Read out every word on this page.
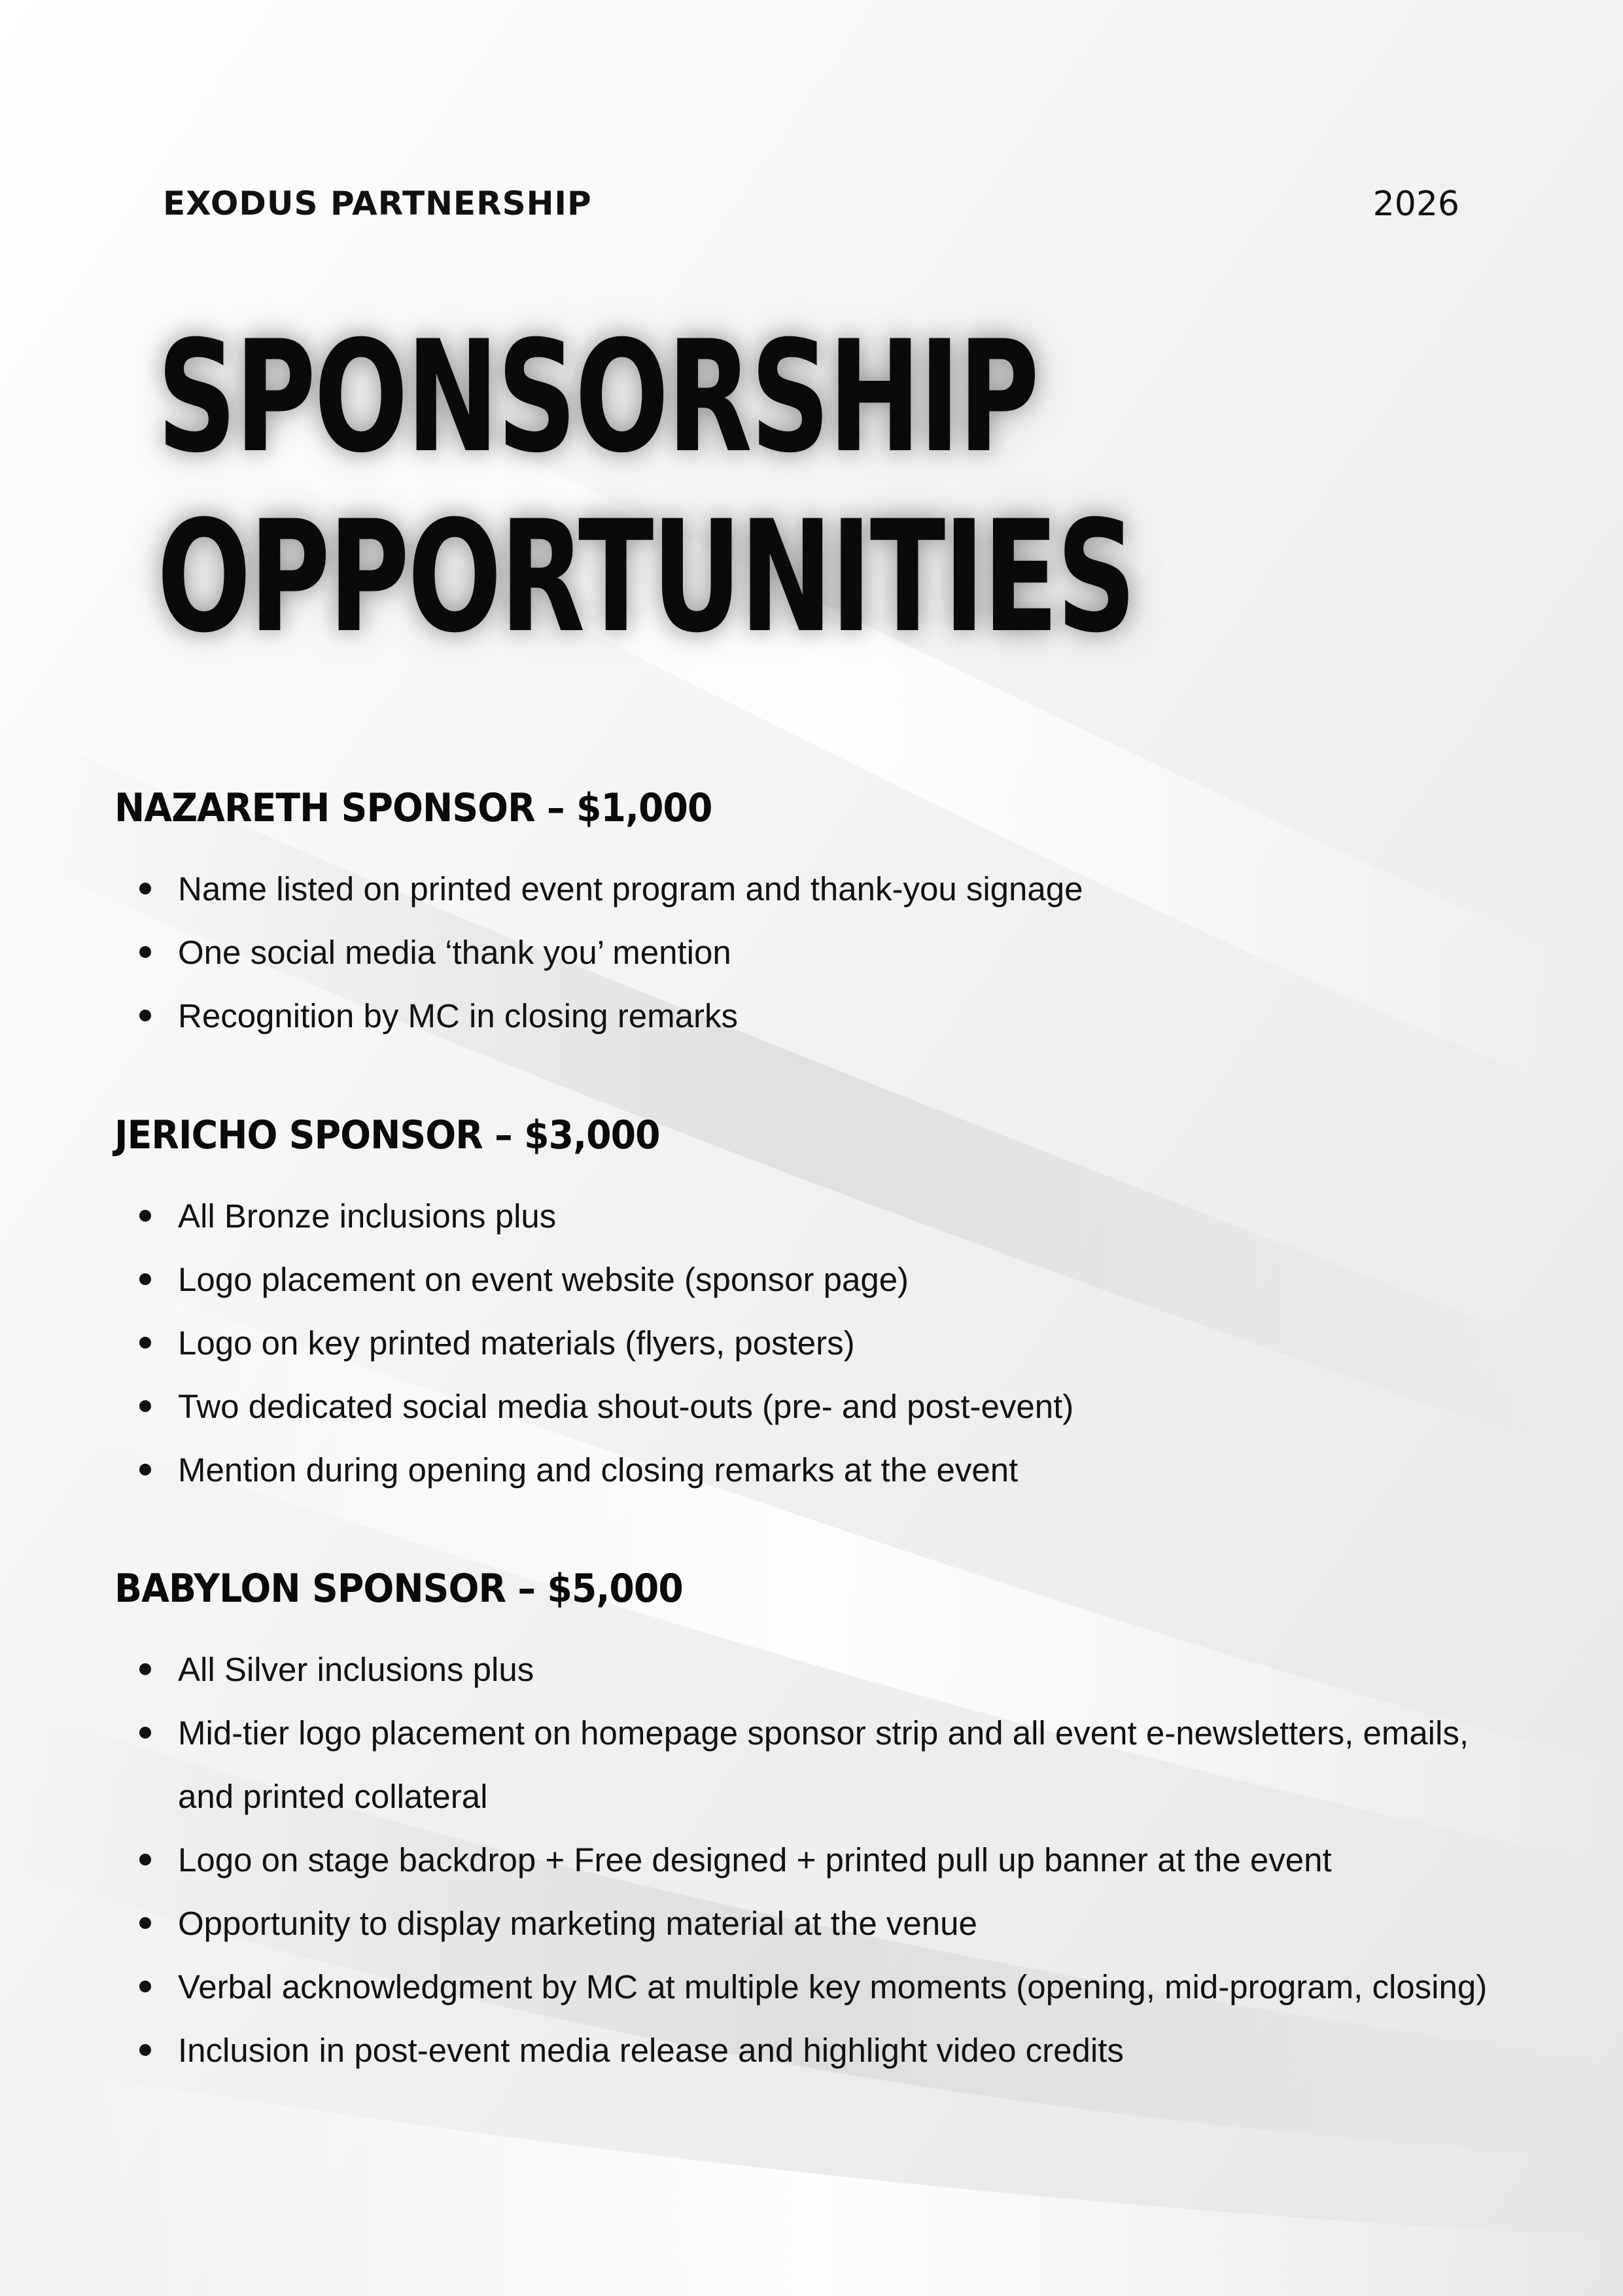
EXODUS PARTNERSHIP	2026
SPONSORSHIP
OPPORTUNITIES
NAZARETH SPONSOR – $1,000
Name listed on printed event program and thank-you signage
One social media ‘thank you’ mention
Recognition by MC in closing remarks
JERICHO SPONSOR – $3,000
All Bronze inclusions plus
Logo placement on event website (sponsor page)
Logo on key printed materials (flyers, posters)
Two dedicated social media shout-outs (pre- and post-event)
Mention during opening and closing remarks at the event
BABYLON SPONSOR – $5,000
All Silver inclusions plus
Mid-tier logo placement on homepage sponsor strip and all event e-newsletters, emails, and printed collateral
Logo on stage backdrop + Free designed + printed pull up banner at the event
Opportunity to display marketing material at the venue
Verbal acknowledgment by MC at multiple key moments (opening, mid-program, closing)
Inclusion in post-event media release and highlight video credits
